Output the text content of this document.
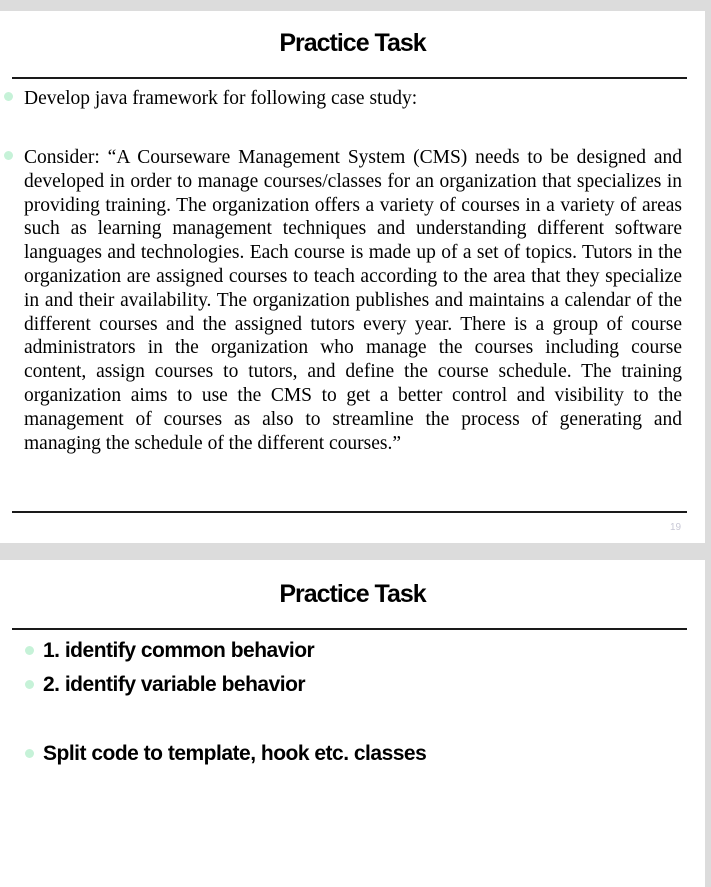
Practice Task
Develop java framework for following case study:
Consider: “A Courseware Management System (CMS) needs to be designed and developed in order to manage courses/classes for an organization that specializes in providing training. The organization offers a variety of courses in a variety of areas such as learning management techniques and understanding different software languages and technologies. Each course is made up of a set of topics. Tutors in the organization are assigned courses to teach according to the area that they specialize in and their availability. The organization publishes and maintains a calendar of the different courses and the assigned tutors every year. There is a group of course administrators in the organization who manage the courses including course content, assign courses to tutors, and define the course schedule. The training organization aims to use the CMS to get a better control and visibility to the management of courses as also to streamline the process of generating and managing the schedule of the different courses.”
19
Practice Task
1. identify common behavior
2. identify variable behavior
Split code to template, hook etc. classes
